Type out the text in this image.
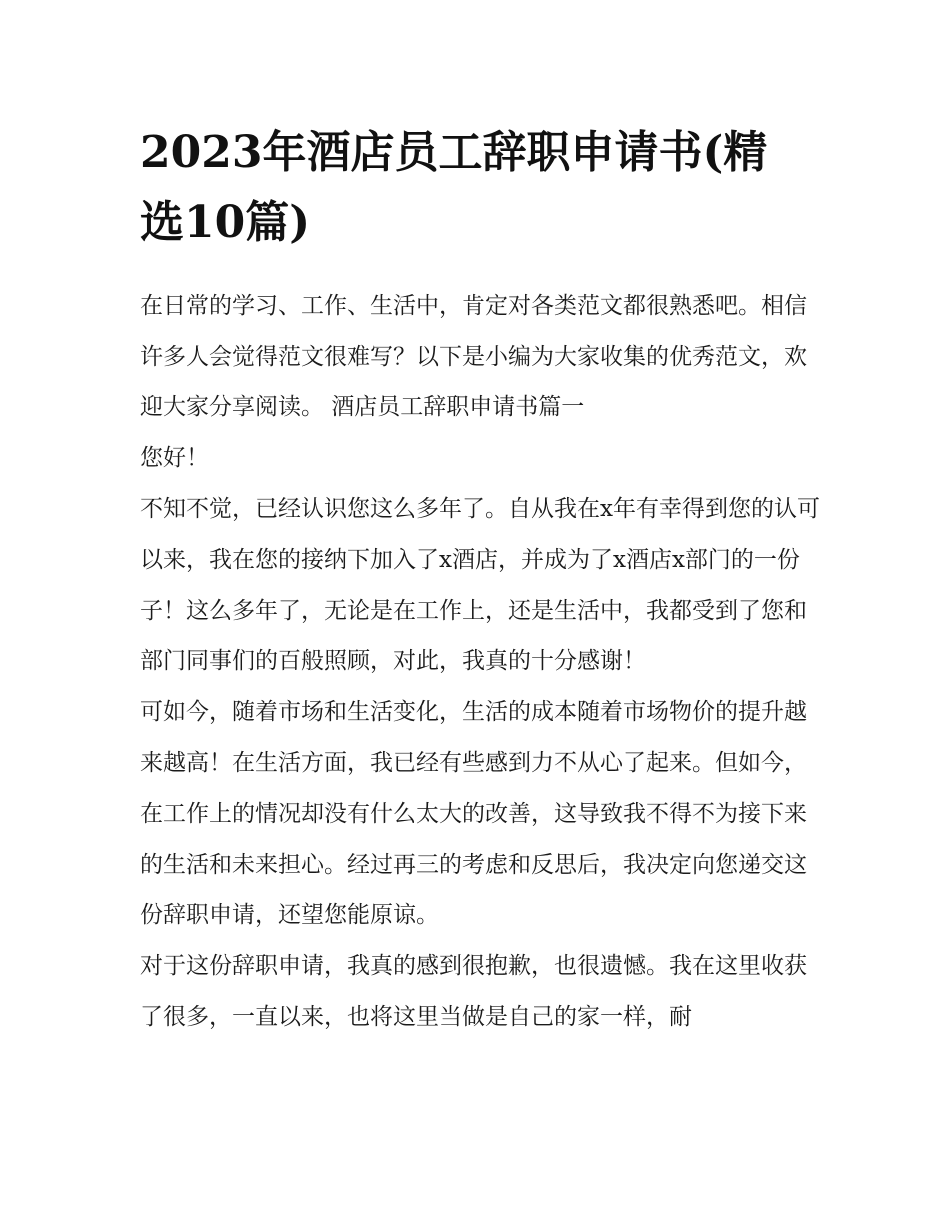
2023年酒店员工辞职申请书(精选10篇)

在日常的学习、工作、生活中，肯定对各类范文都很熟悉吧。相信许多人会觉得范文很难写？以下是小编为大家收集的优秀范文，欢迎大家分享阅读。 酒店员工辞职申请书篇一

您好！

不知不觉，已经认识您这么多年了。自从我在x年有幸得到您的认可以来，我在您的接纳下加入了x酒店，并成为了x酒店x部门的一份子！这么多年了，无论是在工作上，还是生活中，我都受到了您和部门同事们的百般照顾，对此，我真的十分感谢！

可如今，随着市场和生活变化，生活的成本随着市场物价的提升越来越高！在生活方面，我已经有些感到力不从心了起来。但如今，在工作上的情况却没有什么太大的改善，这导致我不得不为接下来的生活和未来担心。经过再三的考虑和反思后，我决定向您递交这份辞职申请，还望您能原谅。

对于这份辞职申请，我真的感到很抱歉，也很遗憾。我在这里收获了很多，一直以来，也将这里当做是自己的家一样，耐
